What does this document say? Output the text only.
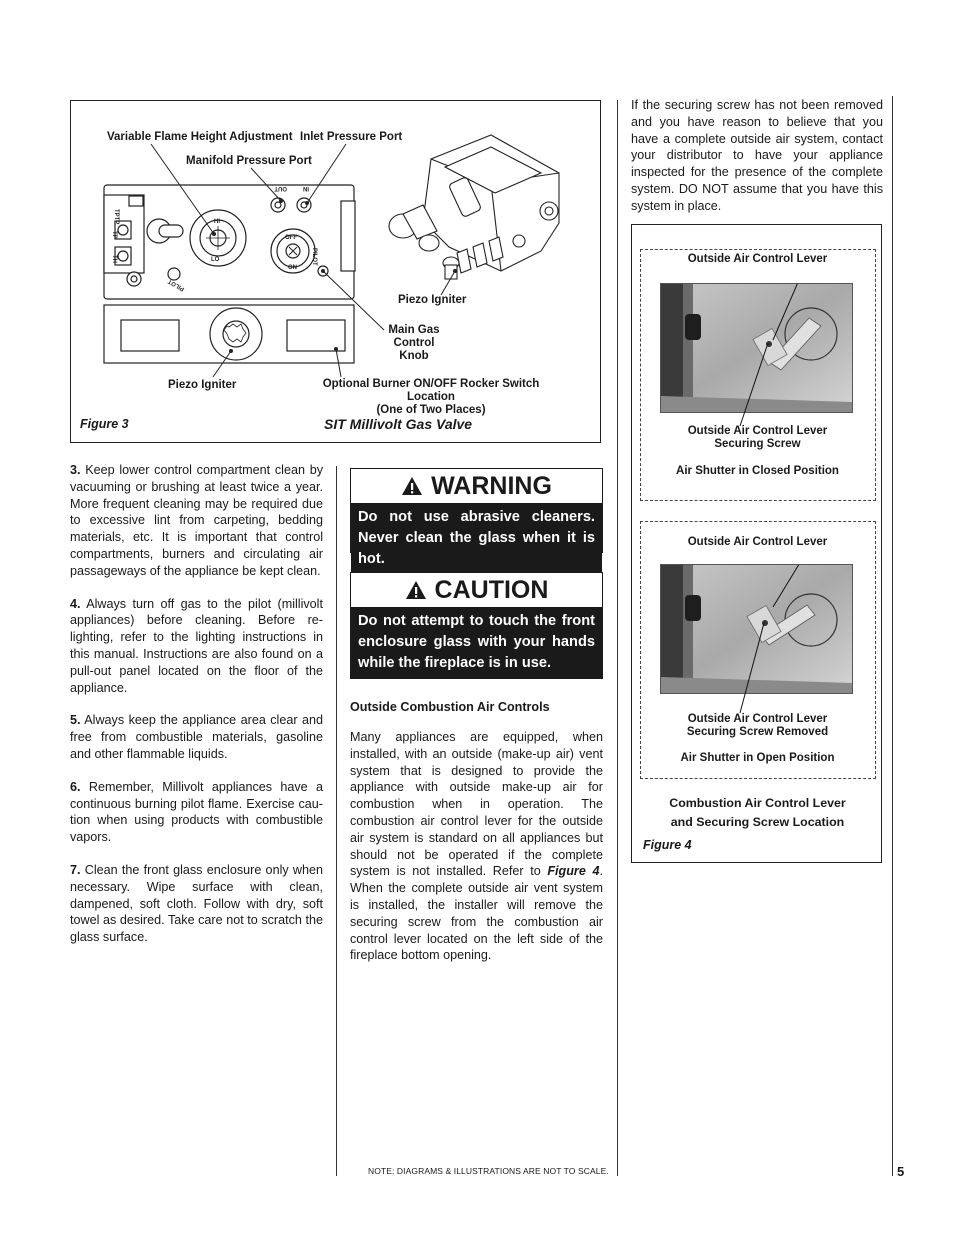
OUT	IN
HI
LO
OFF
PILOT
ON
TPTP
TP
TH
PILOT
Variable Flame Height Adjustment Inlet Pressure Port
Manifold Pressure Port
Piezo Igniter
Main Gas
Control Knob
Piezo Igniter	Optional Burner ON/OFF Rocker Switch Location
(One of Two Places)
Figure 3	SIT Millivolt Gas Valve

3. Keep lower control compartment clean by vacuuming or brushing at least twice a year. More frequent cleaning may be required due to excessive lint from carpeting, bedding materials, etc. It is important that control compartments, burners and circulating air passageways of the appliance be kept clean.

4. Always turn off gas to the pilot (millivolt appliances) before cleaning. Before re-lighting, refer to the lighting instructions in this manual. Instructions are also found on a pull-out panel located on the floor of the appliance.

5. Always keep the appliance area clear and free from combustible materials, gasoline and other flammable liquids.

6. Remember, Millivolt appliances have a continuous burning pilot flame. Exercise cau- tion when using products with combustible vapors.

7. Clean the front glass enclosure only when necessary. Wipe surface with clean, dampened, soft cloth. Follow with dry, soft towel as desired. Take care not to scratch the glass surface.

WARNING
Do not use abrasive cleaners. Never clean the glass when it is hot.
CAUTION
Do not attempt to touch the front enclosure glass with your hands while the fireplace is in use.
Outside Combustion Air Controls

Many appliances are equipped, when installed, with an outside (make-up air) vent system that is designed to provide the appliance with outside make-up air for combustion when in operation. The combustion air control lever for the outside air system is standard on all appliances but should not be operated if the complete system is not installed. Refer to Figure 4. When the complete outside air vent system is installed, the installer will remove the securing screw from the combustion air control lever located on the left side of the fireplace bottom opening.

If the securing screw has not been removed and you have reason to believe that you have a complete outside air system, contact your distributor to have your appliance inspected for the presence of the complete system. DO NOT assume that you have this system in place.

Outside Air Control Lever
Outside Air Control Lever
Securing Screw
Air Shutter in Closed Position
Outside Air Control Lever
Outside Air Control Lever
Securing Screw Removed
Air Shutter in Open Position
Combustion Air Control Lever
and Securing Screw Location
Figure 4
NOTE: DIAGRAMS & ILLUSTRATIONS ARE NOT TO SCALE.	5
